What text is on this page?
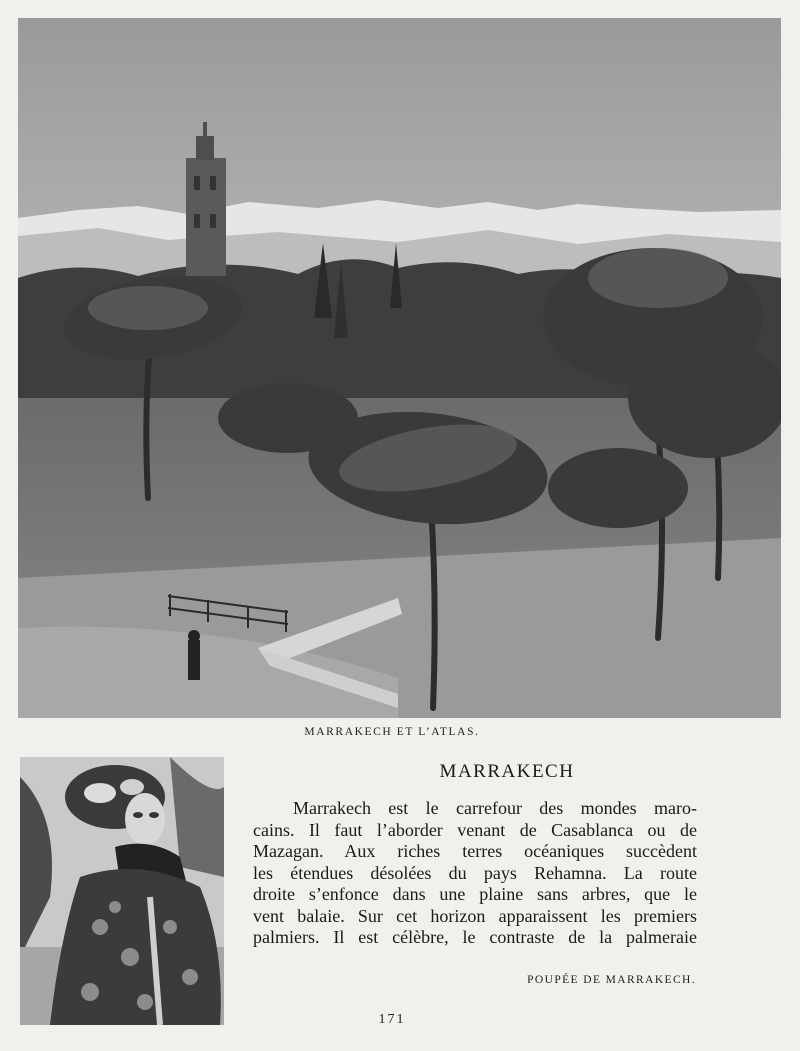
MARRAKECH ET L’ATLAS.
MARRAKECH
Marrakech est le carrefour des mondes maro-
cains. Il faut l’aborder venant de Casablanca ou de
Mazagan. Aux riches terres océaniques succèdent
les étendues désolées du pays Rehamna. La route
droite s’enfonce dans une plaine sans arbres, que le
vent balaie. Sur cet horizon apparaissent les premiers
palmiers. Il est célèbre, le contraste de la palmeraie
POUPÉE DE MARRAKECH.
171
